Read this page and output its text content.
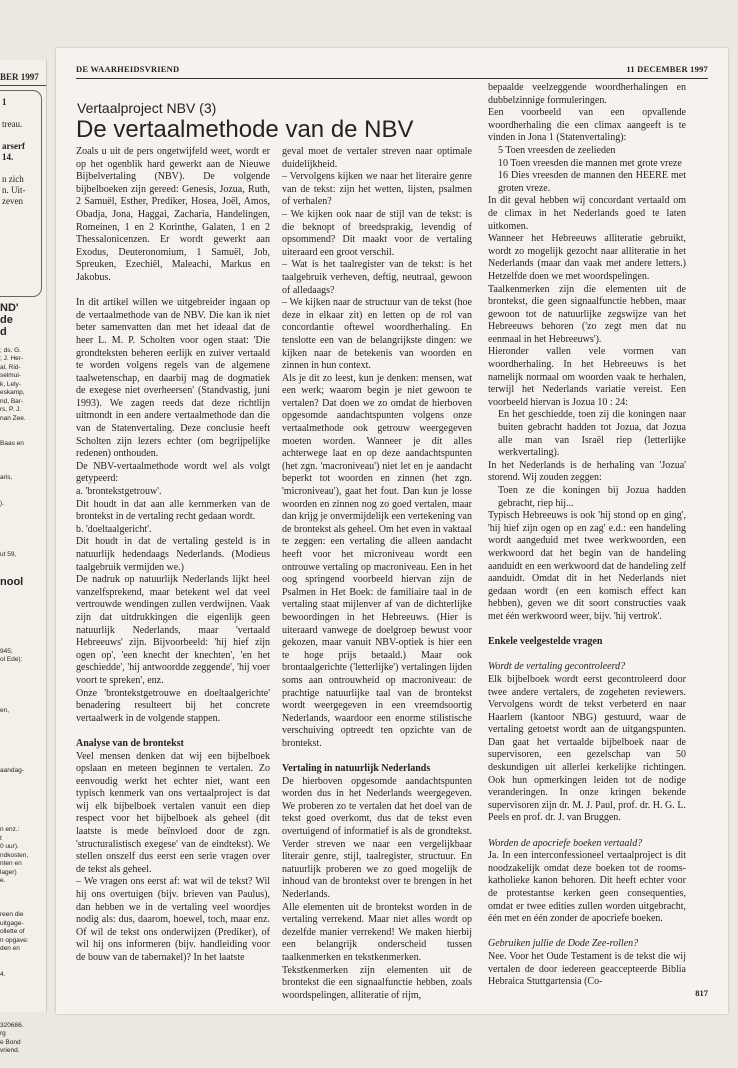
BER 1997
1

treau.

arserf
14.

n zich
n. Uit-
zeven
ND'
de
d

; ds. G.
; J. Her-
al, Rid-
selmui-
k, Lely-
eskamp,
nd, Bar-
rs, P. J.
nan Zee.

Baas en

aris,

).

ut 59,

nool

945;
ol Ede):

en,

aandag-

n enz.:
t
0 uur).
ndkosten,
nten en
lager)
e.

reen die
uitgage-
ollette of
n opgave:
den en

4.

320686.
rg
e Bond
vriend.
DE WAARHEIDSVRIEND	11 DECEMBER 1997
Vertaalproject NBV (3)
De vertaalmethode van de NBV

Zoals u uit de pers ongetwijfeld weet, wordt er op het ogenblik hard gewerkt aan de Nieuwe Bijbelvertaling (NBV). De volgende bijbelboeken zijn gereed: Genesis, Jozua, Ruth, 2 Samuël, Esther, Prediker, Hosea, Joël, Amos, Obadja, Jona, Haggai, Zacharia, Handelingen, Romeinen, 1 en 2 Korinthe, Galaten, 1 en 2 Thessalonicenzen. Er wordt gewerkt aan Exodus, Deuteronomium, 1 Samuël, Job, Spreuken, Ezechiël, Maleachi, Markus en Jakobus.

In dit artikel willen we uitgebreider ingaan op de vertaalmethode van de NBV. Die kan ik niet beter samenvatten dan met het ideaal dat de heer L. M. P. Scholten voor ogen staat: 'Die grondteksten beheren eerlijk en zuiver vertaald te worden volgens regels van de algemene taalwetenschap, en daarbij mag de dogmatiek de exegese niet overheersen' (Standvastig, juni 1993). We zagen reeds dat deze richtlijn uitmondt in een andere vertaalmethode dan die van de Statenvertaling. Deze conclusie heeft Scholten zijn lezers echter (om begrijpelijke redenen) onthouden.

De NBV-vertaalmethode wordt wel als volgt getypeerd:

a. 'brontekstgetrouw'.

Dit houdt in dat aan alle kernmerken van de brontekst in de vertaling recht gedaan wordt.

b. 'doeltaalgericht'.

Dit houdt in dat de vertaling gesteld is in natuurlijk hedendaags Nederlands. (Modieus taalgebruik vermijden we.)

De nadruk op natuurlijk Nederlands lijkt heel vanzelfsprekend, maar betekent wel dat veel vertrouwde wendingen zullen verdwijnen. Vaak zijn dat uitdrukkingen die eigenlijk geen natuurlijk Nederlands, maar 'vertaald Hebreeuws' zijn. Bijvoorbeeld: 'hij hief zijn ogen op', 'een knecht der knechten', 'en het geschiedde', 'hij antwoordde zeggende', 'hij voer voort te spreken', enz.

Onze 'brontekstgetrouwe en doeltaalgerichte' benadering resulteert bij het concrete vertaalwerk in de volgende stappen.

Analyse van de brontekst

Veel mensen denken dat wij een bijbelboek opslaan en meteen beginnen te vertalen. Zo eenvoudig werkt het echter niet, want een typisch kenmerk van ons vertaalproject is dat wij elk bijbelboek vertalen vanuit een diep respect voor het bijbelboek als geheel (dit laatste is mede beïnvloed door de zgn. 'structuralistisch exegese' van de eindtekst). We stellen onszelf dus eerst een serie vragen over de tekst als geheel.

– We vragen ons eerst af: wat wil de tekst? Wil hij ons overtuigen (bijv. brieven van Paulus), dan hebben we in de vertaling veel woordjes nodig als: dus, daarom, hoewel, toch, maar enz. Of wil de tekst ons onderwijzen (Prediker), of wil hij ons informeren (bijv. handleiding voor de bouw van de tabernakel)? In het laatste

geval moet de vertaler streven naar optimale duidelijkheid.

– Vervolgens kijken we naar het literaire genre van de tekst: zijn het wetten, lijsten, psalmen of verhalen?

– We kijken ook naar de stijl van de tekst: is die beknopt of breedsprakig, levendig of opsommend? Dit maakt voor de vertaling uiteraard een groot verschil.

– Wat is het taalregister van de tekst: is het taalgebruik verheven, deftig, neutraal, gewoon of alledaags?

– We kijken naar de structuur van de tekst (hoe deze in elkaar zit) en letten op de rol van concordantie oftewel woordherhaling. En tenslotte een van de belangrijkste dingen: we kijken naar de betekenis van woorden en zinnen in hun context.

Als je dit zo leest, kun je denken: mensen, wat een werk; waarom begin je niet gewoon te vertalen? Dat doen we zo omdat de hierboven opgesomde aandachtspunten volgens onze vertaalmethode ook getrouw weergegeven moeten worden. Wanneer je dit alles achterwege laat en op deze aandachtspunten (het zgn. 'macroniveau') niet let en je aandacht beperkt tot woorden en zinnen (het zgn. 'microniveau'), gaat het fout. Dan kun je losse woorden en zinnen nog zo goed vertalen, maar dan krijg je onvermijdelijk een vertekening van de brontekst als geheel. Om het even in vaktaal te zeggen: een vertaling die alleen aandacht heeft voor het microniveau wordt een ontrouwe vertaling op macroniveau. Een in het oog springend voorbeeld hiervan zijn de Psalmen in Het Boek: de familiaire taal in de vertaling staat mijlenver af van de dichterlijke bewoordingen in het Hebreeuws. (Hier is uiteraard vanwege de doelgroep bewust voor gekozen, maar vanuit NBV-optiek is hier een te hoge prijs betaald.) Maar ook brontaalgerichte ('letterlijke') vertalingen lijden soms aan ontrouwheid op macroniveau: de prachtige natuurlijke taal van de brontekst wordt weergegeven in een vreemdsoortig Nederlands, waardoor een enorme stilistische verschuiving optreedt ten opzichte van de brontekst.

Vertaling in natuurlijk Nederlands

De hierboven opgesomde aandachtspunten worden dus in het Nederlands weergegeven. We proberen zo te vertalen dat het doel van de tekst goed overkomt, dus dat de tekst even overtuigend of informatief is als de grondtekst. Verder streven we naar een vergelijkbaar literair genre, stijl, taalregister, structuur. En natuurlijk proberen we zo goed mogelijk de inhoud van de brontekst over te brengen in het Nederlands.

Alle elementen uit de brontekst worden in de vertaling verrekend. Maar niet alles wordt op dezelfde manier verrekend! We maken hierbij een belangrijk onderscheid tussen taalkenmerken en tekstkenmerken.

Tekstkenmerken zijn elementen uit de brontekst die een signaalfunctie hebben, zoals woordspelingen, alliteratie of rijm,

bepaalde veelzeggende woordherhalingen en dubbelzinnige formuleringen.

Een voorbeeld van een opvallende woordherhaling die een climax aangeeft is te vinden in Jona 1 (Statenvertaling):

5 Toen vreesden de zeelieden

10 Toen vreesden die mannen met grote vreze

16 Dies vreesden de mannen den HEERE met groten vreze.

In dit geval hebben wij concordant vertaald om de climax in het Nederlands goed te laten uitkomen.

Wanneer het Hebreeuws alliteratie gebruikt, wordt zo mogelijk gezocht naar alliteratie in het Nederlands (maar dan vaak met andere letters.) Hetzelfde doen we met woordspelingen.

Taalkenmerken zijn die elementen uit de brontekst, die geen signaalfunctie hebben, maar gewoon tot de natuurlijke zegswijze van het Hebreeuws behoren ('zo zegt men dat nu eenmaal in het Hebreeuws').

Hieronder vallen vele vormen van woordherhaling. In het Hebreeuws is het namelijk normaal om woorden vaak te herhalen, terwijl het Nederlands variatie vereist. Een voorbeeld hiervan is Jozua 10 : 24:

En het geschiedde, toen zij die koningen naar buiten gebracht hadden tot Jozua, dat Jozua alle man van Israël riep (letterlijke werkvertaling).

In het Nederlands is de herhaling van 'Jozua' storend. Wij zouden zeggen:

Toen ze die koningen bij Jozua hadden gebracht, riep hij...

Typisch Hebreeuws is ook 'hij stond op en ging', 'hij hief zijn ogen op en zag' e.d.: een handeling wordt aangeduid met twee werkwoorden, een werkwoord dat het begin van de handeling aanduidt en een werkwoord dat de handeling zelf aanduidt. Omdat dit in het Nederlands niet gedaan wordt (en een komisch effect kan hebben), geven we dit soort constructies vaak met één werkwoord weer, bijv. 'hij vertrok'.

Enkele veelgestelde vragen
Wordt de vertaling gecontroleerd?

Elk bijbelboek wordt eerst gecontroleerd door twee andere vertalers, de zogeheten reviewers. Vervolgens wordt de tekst verbeterd en naar Haarlem (kantoor NBG) gestuurd, waar de vertaling getoetst wordt aan de uitgangspunten. Dan gaat het vertaalde bijbelboek naar de supervisoren, een gezelschap van 50 deskundigen uit allerlei kerkelijke richtingen. Ook hun opmerkingen leiden tot de nodige veranderingen. In onze kringen bekende supervisoren zijn dr. M. J. Paul, prof. dr. H. G. L. Peels en prof. dr. J. van Bruggen.

Worden de apocriefe boeken vertaald?

Ja. In een interconfessioneel vertaalproject is dit noodzakelijk omdat deze boeken tot de rooms-katholieke kanon behoren. Dit heeft echter voor de protestantse kerken geen consequenties, omdat er twee edities zullen worden uitgebracht, één met en één zonder de apocriefe boeken.

Gebruiken jullie de Dode Zee-rollen?

Nee. Voor het Oude Testament is de tekst die wij vertalen de door iedereen geaccepteerde Biblia Hebraica Stuttgartensia (Co-

817
